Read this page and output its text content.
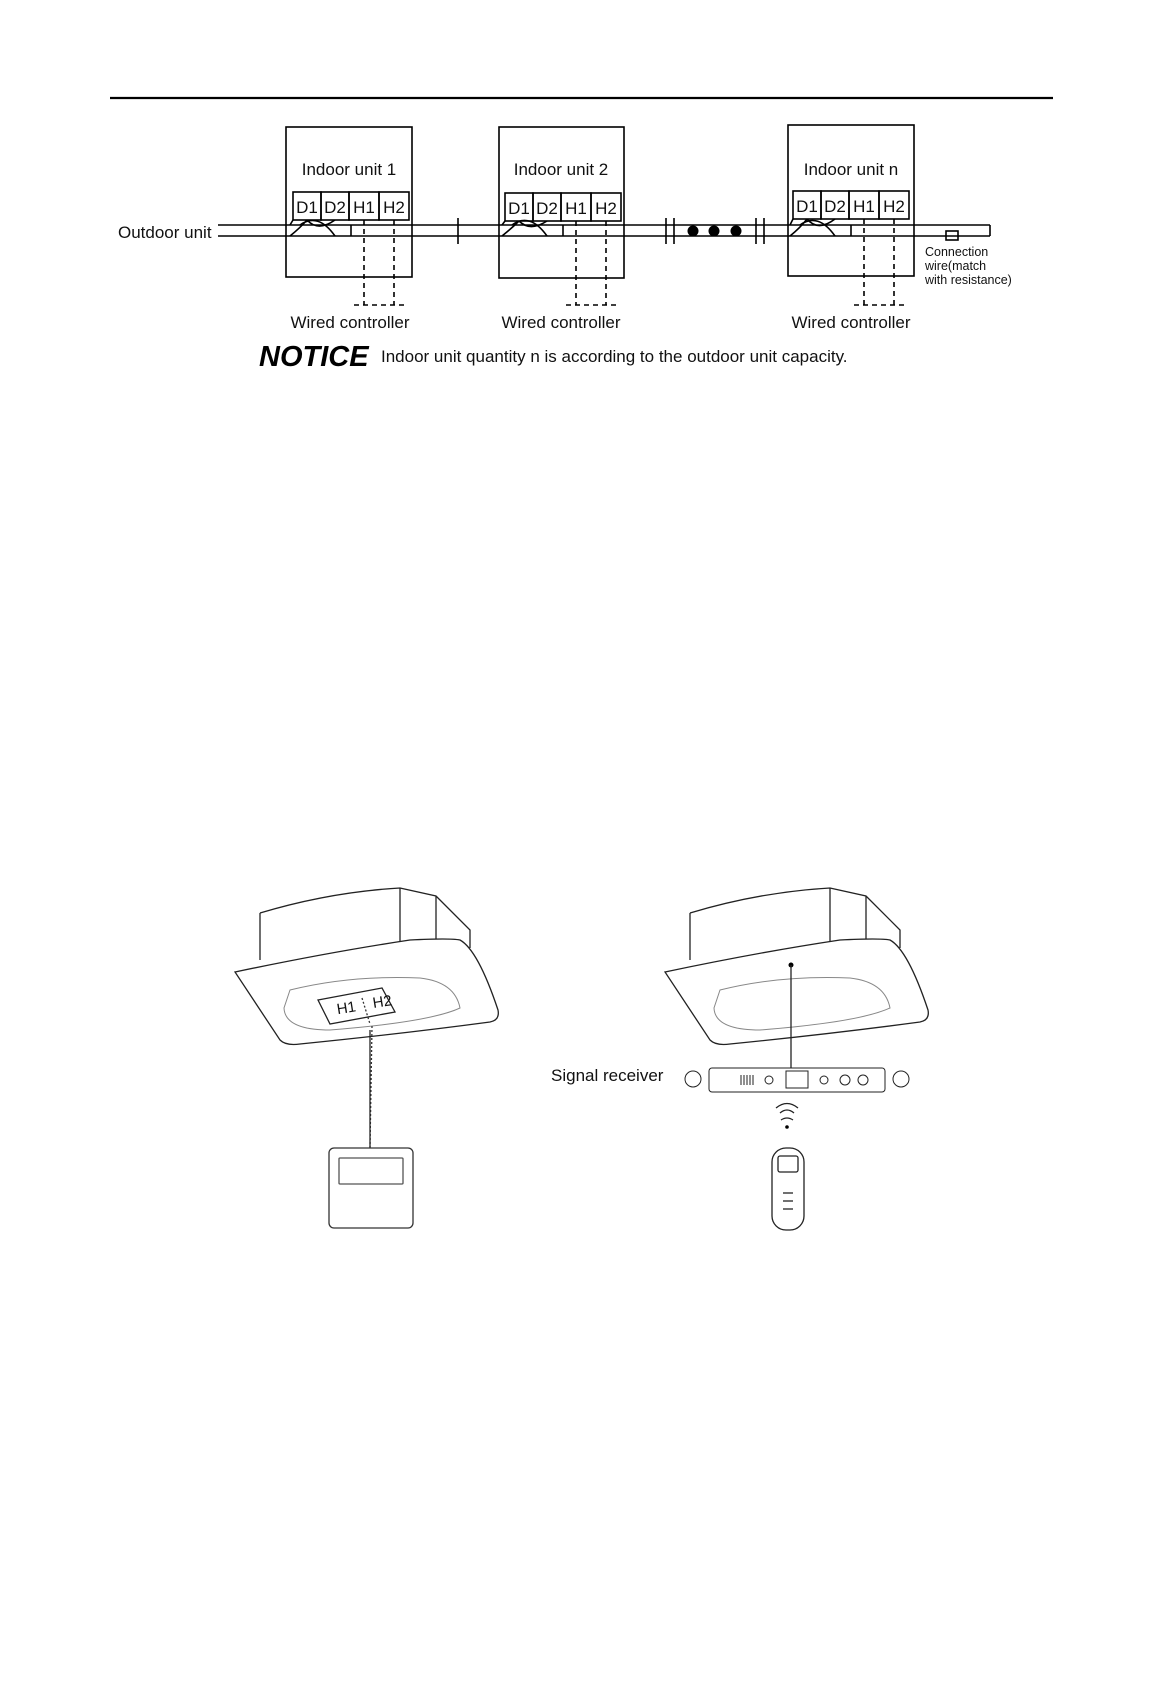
Outdoor unit
Indoor unit 1
D1 D2 H1 H2
Wired controller
Indoor unit 2
D1 D2 H1 H2
Wired controller
Indoor unit n
D1 D2 H1 H2
Wired controller
Connection
wire(match
with resistance)
NOTICE Indoor unit quantity n is according to the outdoor unit capacity.
H1 H2
Signal receiver
